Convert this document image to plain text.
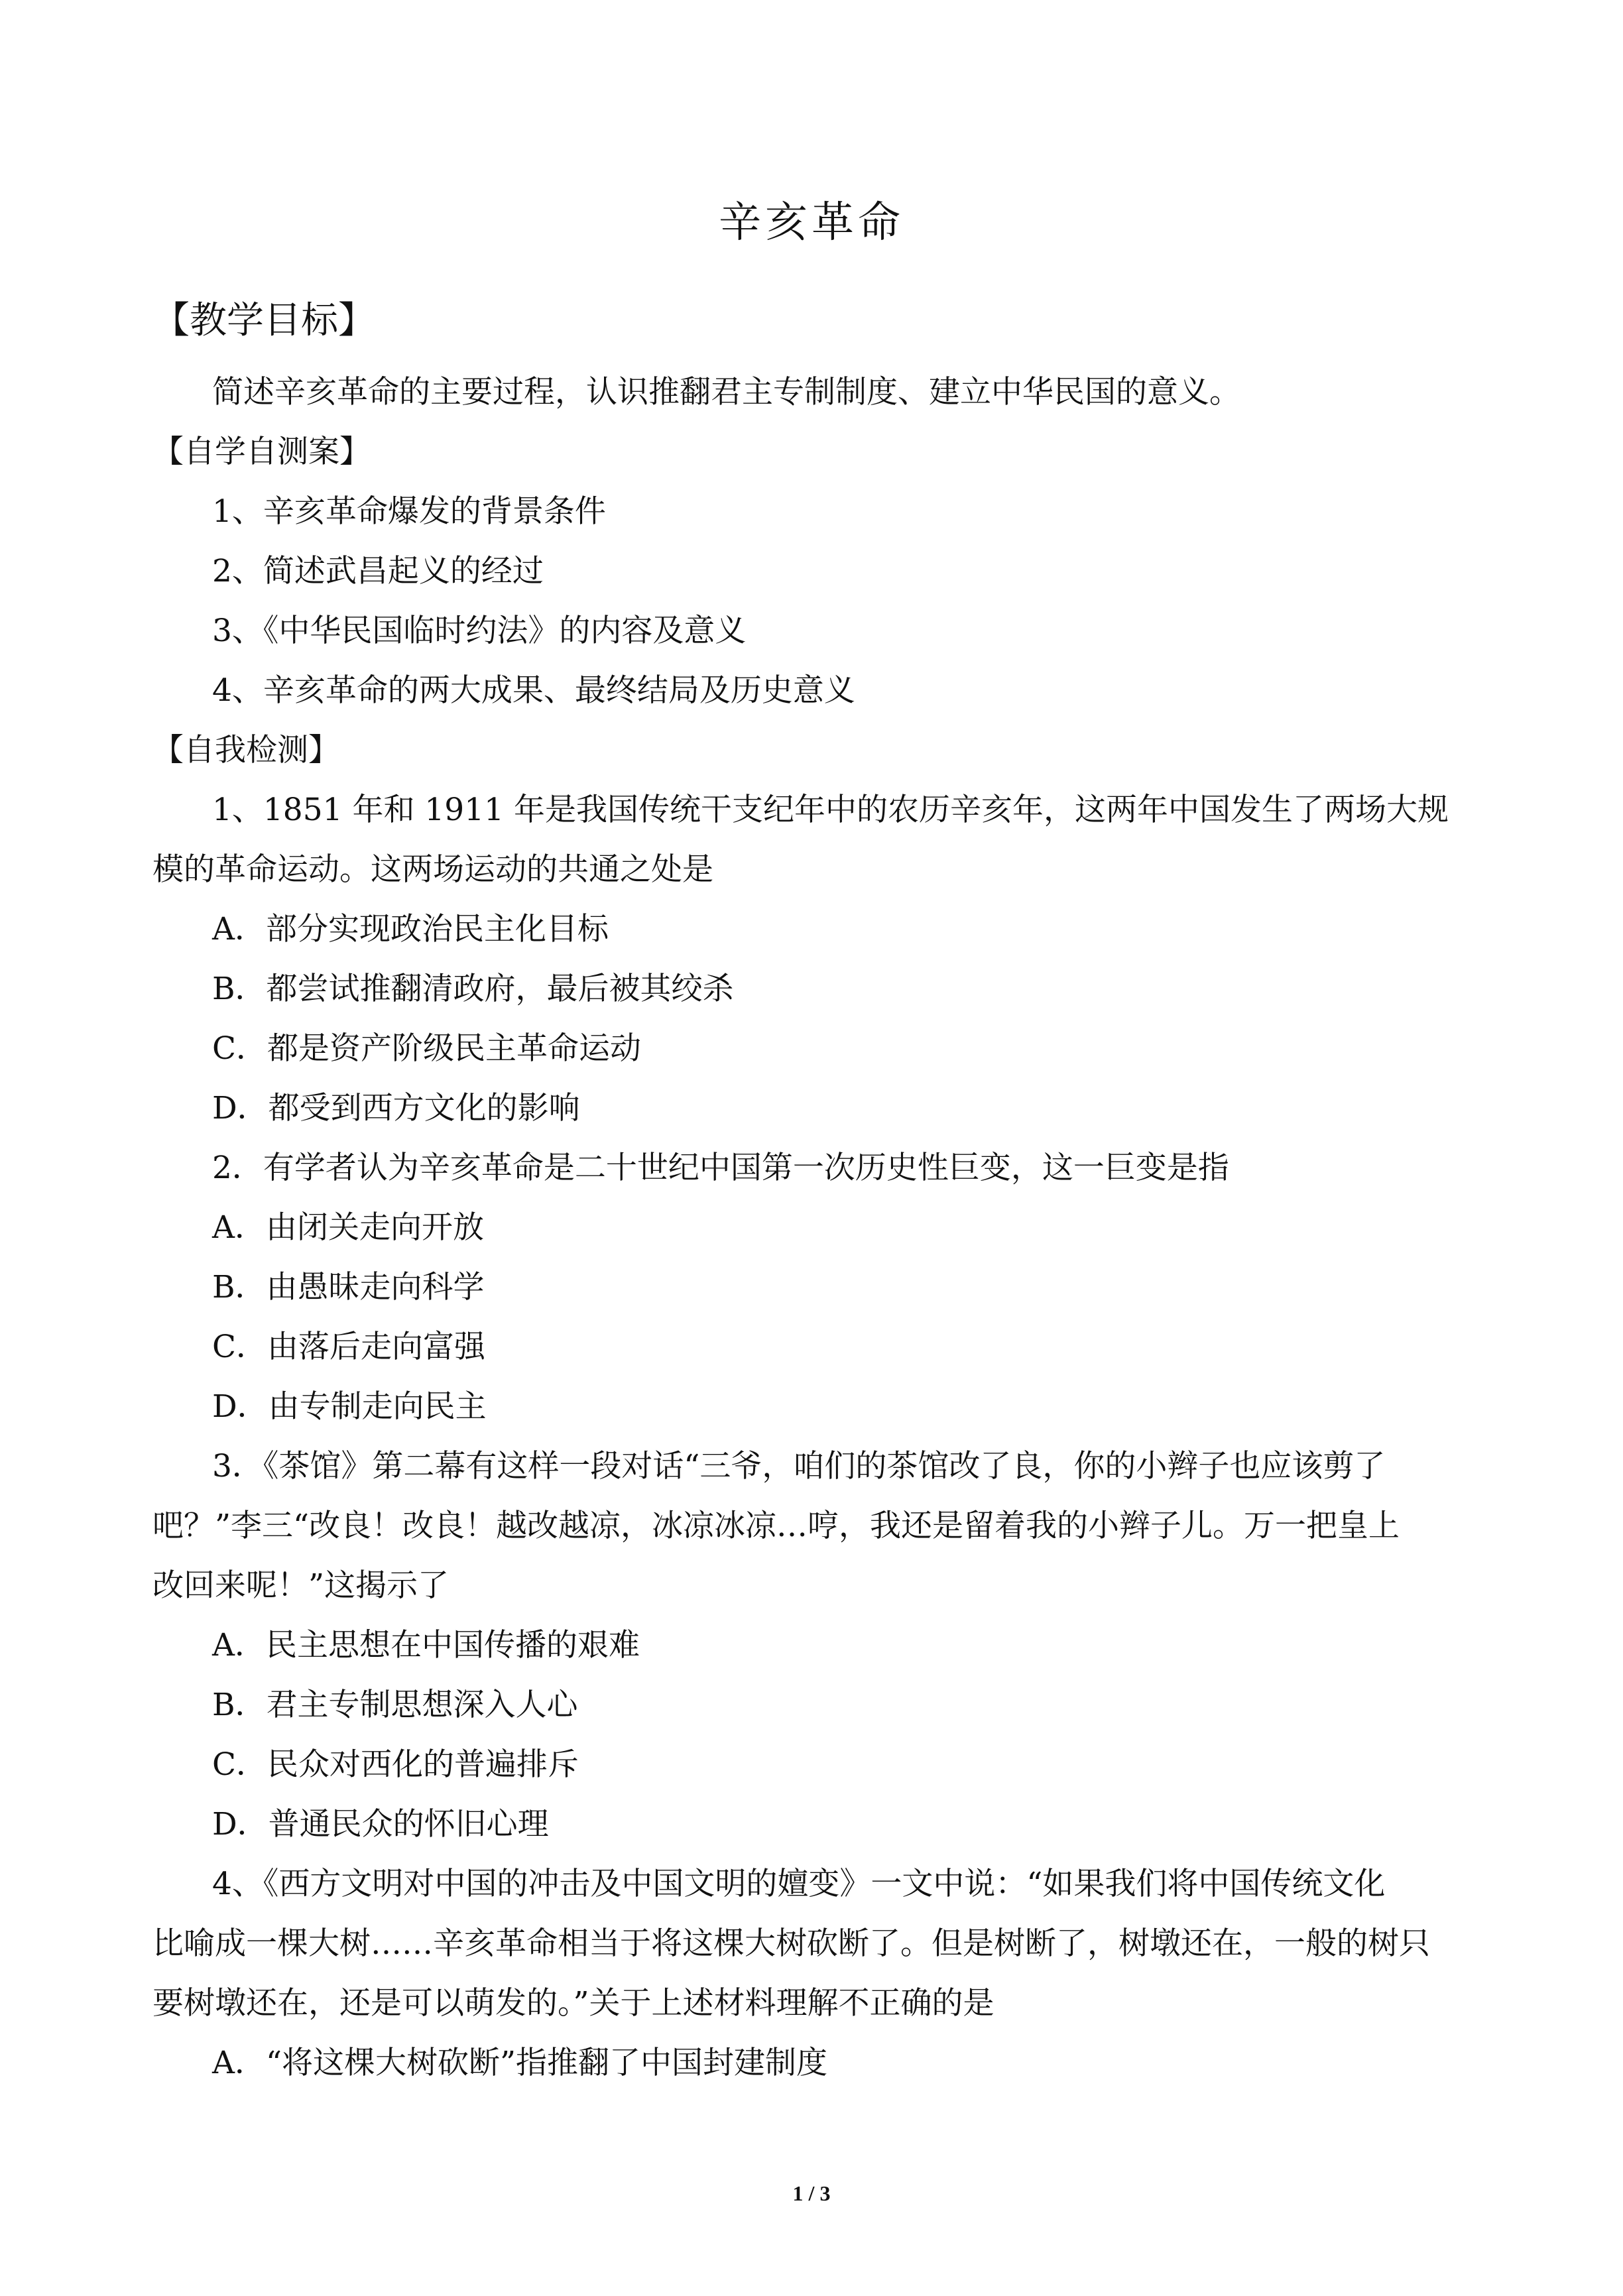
辛亥革命
【教学目标】
简述辛亥革命的主要过程，认识推翻君主专制制度、建立中华民国的意义。
【自学自测案】
1、辛亥革命爆发的背景条件
2、简述武昌起义的经过
3、《中华民国临时约法》的内容及意义
4、辛亥革命的两大成果、最终结局及历史意义
【自我检测】
1、1851 年和 1911 年是我国传统干支纪年中的农历辛亥年，这两年中国发生了两场大规
模的革命运动。这两场运动的共通之处是
A．部分实现政治民主化目标
B．都尝试推翻清政府，最后被其绞杀
C．都是资产阶级民主革命运动
D．都受到西方文化的影响
2．有学者认为辛亥革命是二十世纪中国第一次历史性巨变，这一巨变是指
A．由闭关走向开放
B．由愚昧走向科学
C．由落后走向富强
D．由专制走向民主
3．《茶馆》第二幕有这样一段对话“三爷，咱们的茶馆改了良，你的小辫子也应该剪了
吧？”李三“改良！改良！越改越凉，冰凉冰凉…哼，我还是留着我的小辫子儿。万一把皇上
改回来呢！”这揭示了
A．民主思想在中国传播的艰难
B．君主专制思想深入人心
C．民众对西化的普遍排斥
D．普通民众的怀旧心理
4、《西方文明对中国的冲击及中国文明的嬗变》一文中说：“如果我们将中国传统文化
比喻成一棵大树……辛亥革命相当于将这棵大树砍断了。但是树断了，树墩还在，一般的树只
要树墩还在，还是可以萌发的。”关于上述材料理解不正确的是
A．“将这棵大树砍断”指推翻了中国封建制度
1 / 3
